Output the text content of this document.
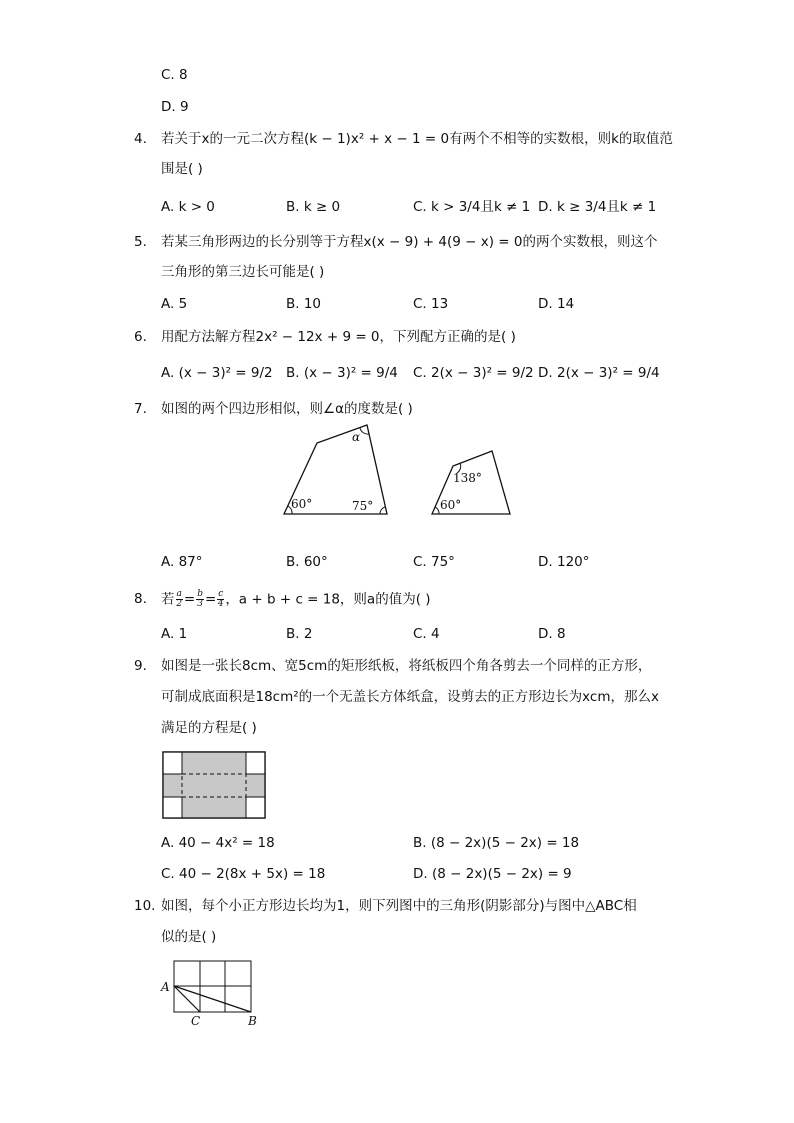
C. 8
D. 9
4. 若关于x的一元二次方程(k − 1)x² + x − 1 = 0有两个不相等的实数根，则k的取值范
围是( )
A. k > 0	B. k ≥ 0	C. k > 3/4且k ≠ 1 D. k ≥ 3/4且k ≠ 1
5. 若某三角形两边的长分别等于方程x(x − 9) + 4(9 − x) = 0的两个实数根，则这个
三角形的第三边长可能是( )
A. 5	B. 10	C. 13	D. 14
6. 用配方法解方程2x² − 12x + 9 = 0，下列配方正确的是( )
A. (x − 3)² = 9/2 B. (x − 3)² = 9/4 C. 2(x − 3)² = 9/2 D. 2(x − 3)² = 9/4
7. 如图的两个四边形相似，则∠α的度数是( )
α
60°	75°
138°
60°
A. 87°	B. 60°	C. 75°	D. 120°
8. 若 $\frac{a}{2} = \frac{b}{3} = \frac{c}{4}$ ，a + b + c = 18，则a的值为( )
A. 1	B. 2	C. 4	D. 8
9. 如图是一张长8cm、宽5cm的矩形纸板，将纸板四个角各剪去一个同样的正方形，
可制成底面积是18cm²的一个无盖长方体纸盒，设剪去的正方形边长为xcm，那么x
满足的方程是( )
A. 40 − 4x² = 18	B. (8 − 2x)(5 − 2x) = 18
C. 40 − 2(8x + 5x) = 18	D. (8 − 2x)(5 − 2x) = 9
10. 如图，每个小正方形边长均为1，则下列图中的三角形(阴影部分)与图中△ABC相
似的是( )
A
C	B
